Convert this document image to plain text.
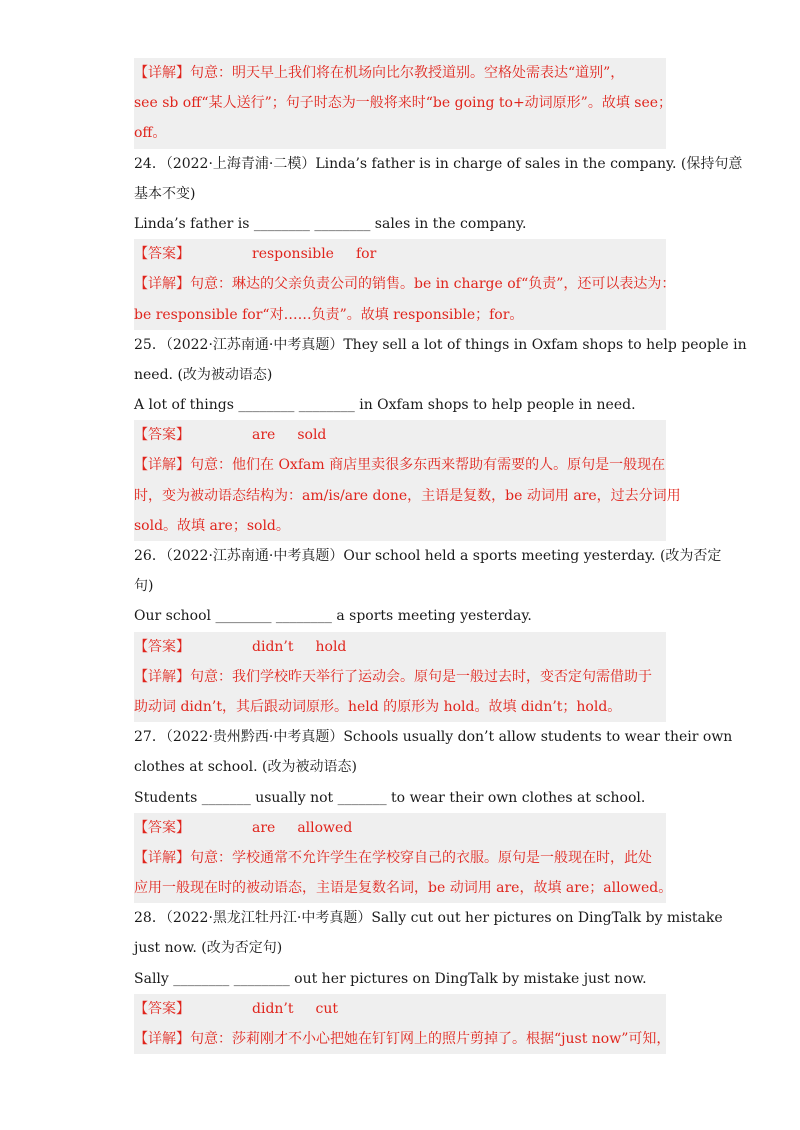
【详解】句意：明天早上我们将在机场向比尔教授道别。空格处需表达“道别”，
see sb off“某人送行”；句子时态为一般将来时“be going to+动词原形”。故填 see；
off。
24．（2022·上海青浦·二模）Linda’s father is in charge of sales in the company. (保持句意
基本不变)
Linda’s father is ________ ________ sales in the company.
【答案】	responsible for
【详解】句意：琳达的父亲负责公司的销售。be in charge of“负责”，还可以表达为：
be responsible for“对……负责”。故填 responsible；for。
25．（2022·江苏南通·中考真题）They sell a lot of things in Oxfam shops to help people in
need. (改为被动语态)
A lot of things ________ ________ in Oxfam shops to help people in need.
【答案】	are sold
【详解】句意：他们在 Oxfam 商店里卖很多东西来帮助有需要的人。原句是一般现在
时，变为被动语态结构为：am/is/are done，主语是复数，be 动词用 are，过去分词用
sold。故填 are；sold。
26．（2022·江苏南通·中考真题）Our school held a sports meeting yesterday. (改为否定
句)
Our school ________ ________ a sports meeting yesterday.
【答案】	didn’t hold
【详解】句意：我们学校昨天举行了运动会。原句是一般过去时，变否定句需借助于
助动词 didn’t，其后跟动词原形。held 的原形为 hold。故填 didn’t；hold。
27．（2022·贵州黔西·中考真题）Schools usually don’t allow students to wear their own
clothes at school. (改为被动语态)
Students _______ usually not _______ to wear their own clothes at school.
【答案】	are allowed
【详解】句意：学校通常不允许学生在学校穿自己的衣服。原句是一般现在时，此处
应用一般现在时的被动语态，主语是复数名词，be 动词用 are，故填 are；allowed。
28．（2022·黑龙江牡丹江·中考真题）Sally cut out her pictures on DingTalk by mistake
just now. (改为否定句)
Sally ________ ________ out her pictures on DingTalk by mistake just now.
【答案】	didn’t cut
【详解】句意：莎莉刚才不小心把她在钉钉网上的照片剪掉了。根据“just now”可知，
